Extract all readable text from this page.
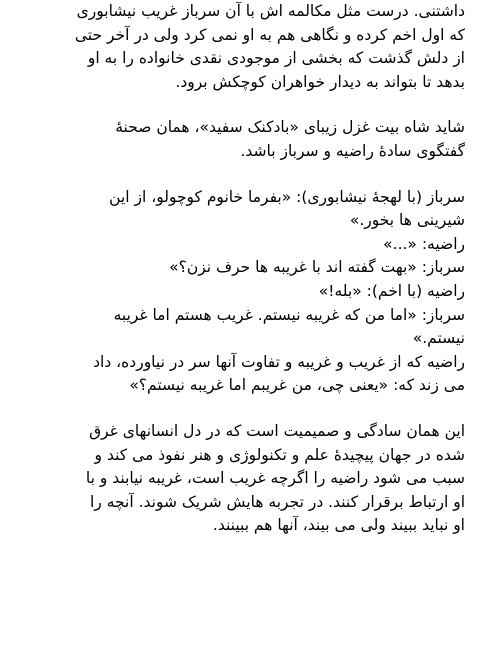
داشتنی. درست مثل مکالمه اش با آن سرباز غریب نیشابوری

که اول اخم کرده و نگاهی هم به او نمی کرد ولی در آخر حتی

از دلش گذشت که بخشی از موجودی نقدی خانواده را به او

بدهد تا بتواند به دیدار خواهران کوچکش برود.

شاید شاه بیت غزل زیبای «بادکنک سفید»، همان صحنه‌ٔ

گفتگوی ساده‌ٔ راضیه و سرباز باشد.

سرباز (با لهجه‌ٔ نیشابوری): «بفرما خانوم کوچولو، از این

شیرینی ها بخور.»

راضیه: «...»

سرباز: «بهت گفته اند با غریبه ها حرف نزن؟»

راضیه (با اخم): «بله!»

سرباز: «اما من که غریبه نیستم. غریب هستم اما غریبه

نیستم.»

راضیه که از غریب و غریبه و تفاوت آنها سر در نیاورده، داد

می زند که: «یعنی چی، من غریبم اما غریبه نیستم؟»

این همان سادگی و صمیمیت است که در دل انسانهای غرق

شده در جهان پیچیده‌ٔ علم و تکنولوژی و هنر نفوذ می کند و

سبب می شود راضیه را اگرچه غریب است، غریبه نیابند و با

او ارتباط برقرار کنند. در تجربه هایش شریک شوند. آنچه را

او نباید ببیند ولی می بیند، آنها هم ببینند.
